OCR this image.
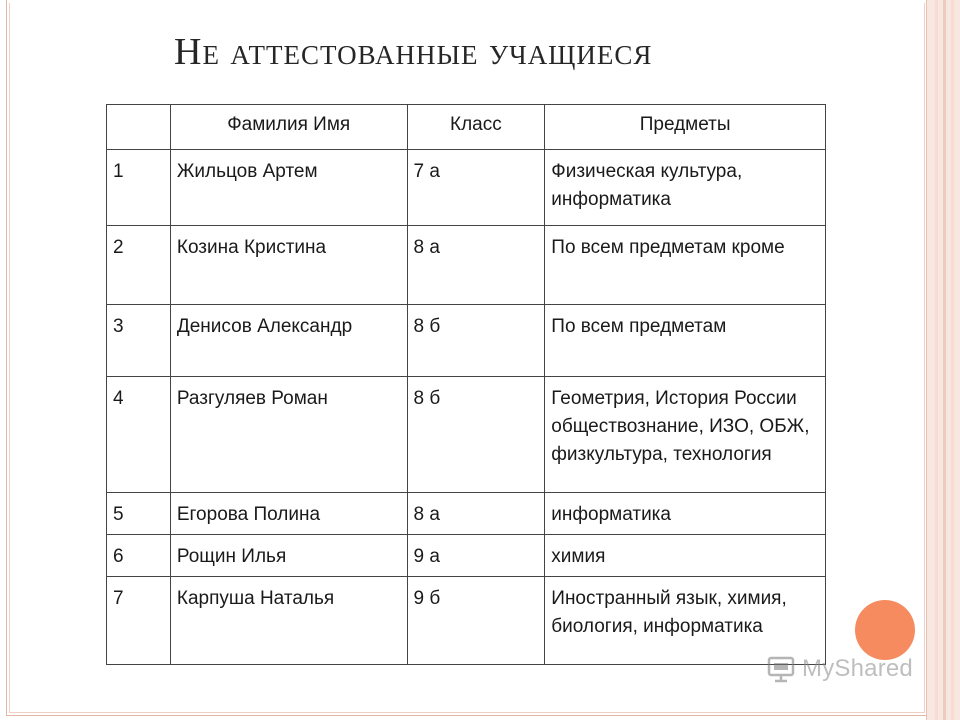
Не аттестованные учащиеся
	Фамилия Имя	Класс	Предметы
1	Жильцов Артем	7 а	Физическая культура, информатика
2	Козина Кристина	8 а	По всем предметам кроме
3	Денисов Александр	8 б	По всем предметам
4	Разгуляев Роман	8 б	Геометрия, История России обществознание, ИЗО, ОБЖ, физкультура, технология
5	Егорова Полина	8 а	информатика
6	Рощин Илья	9 а	химия
7	Карпуша Наталья	9 б	Иностранный язык, химия, биология, информатика
MyShared
